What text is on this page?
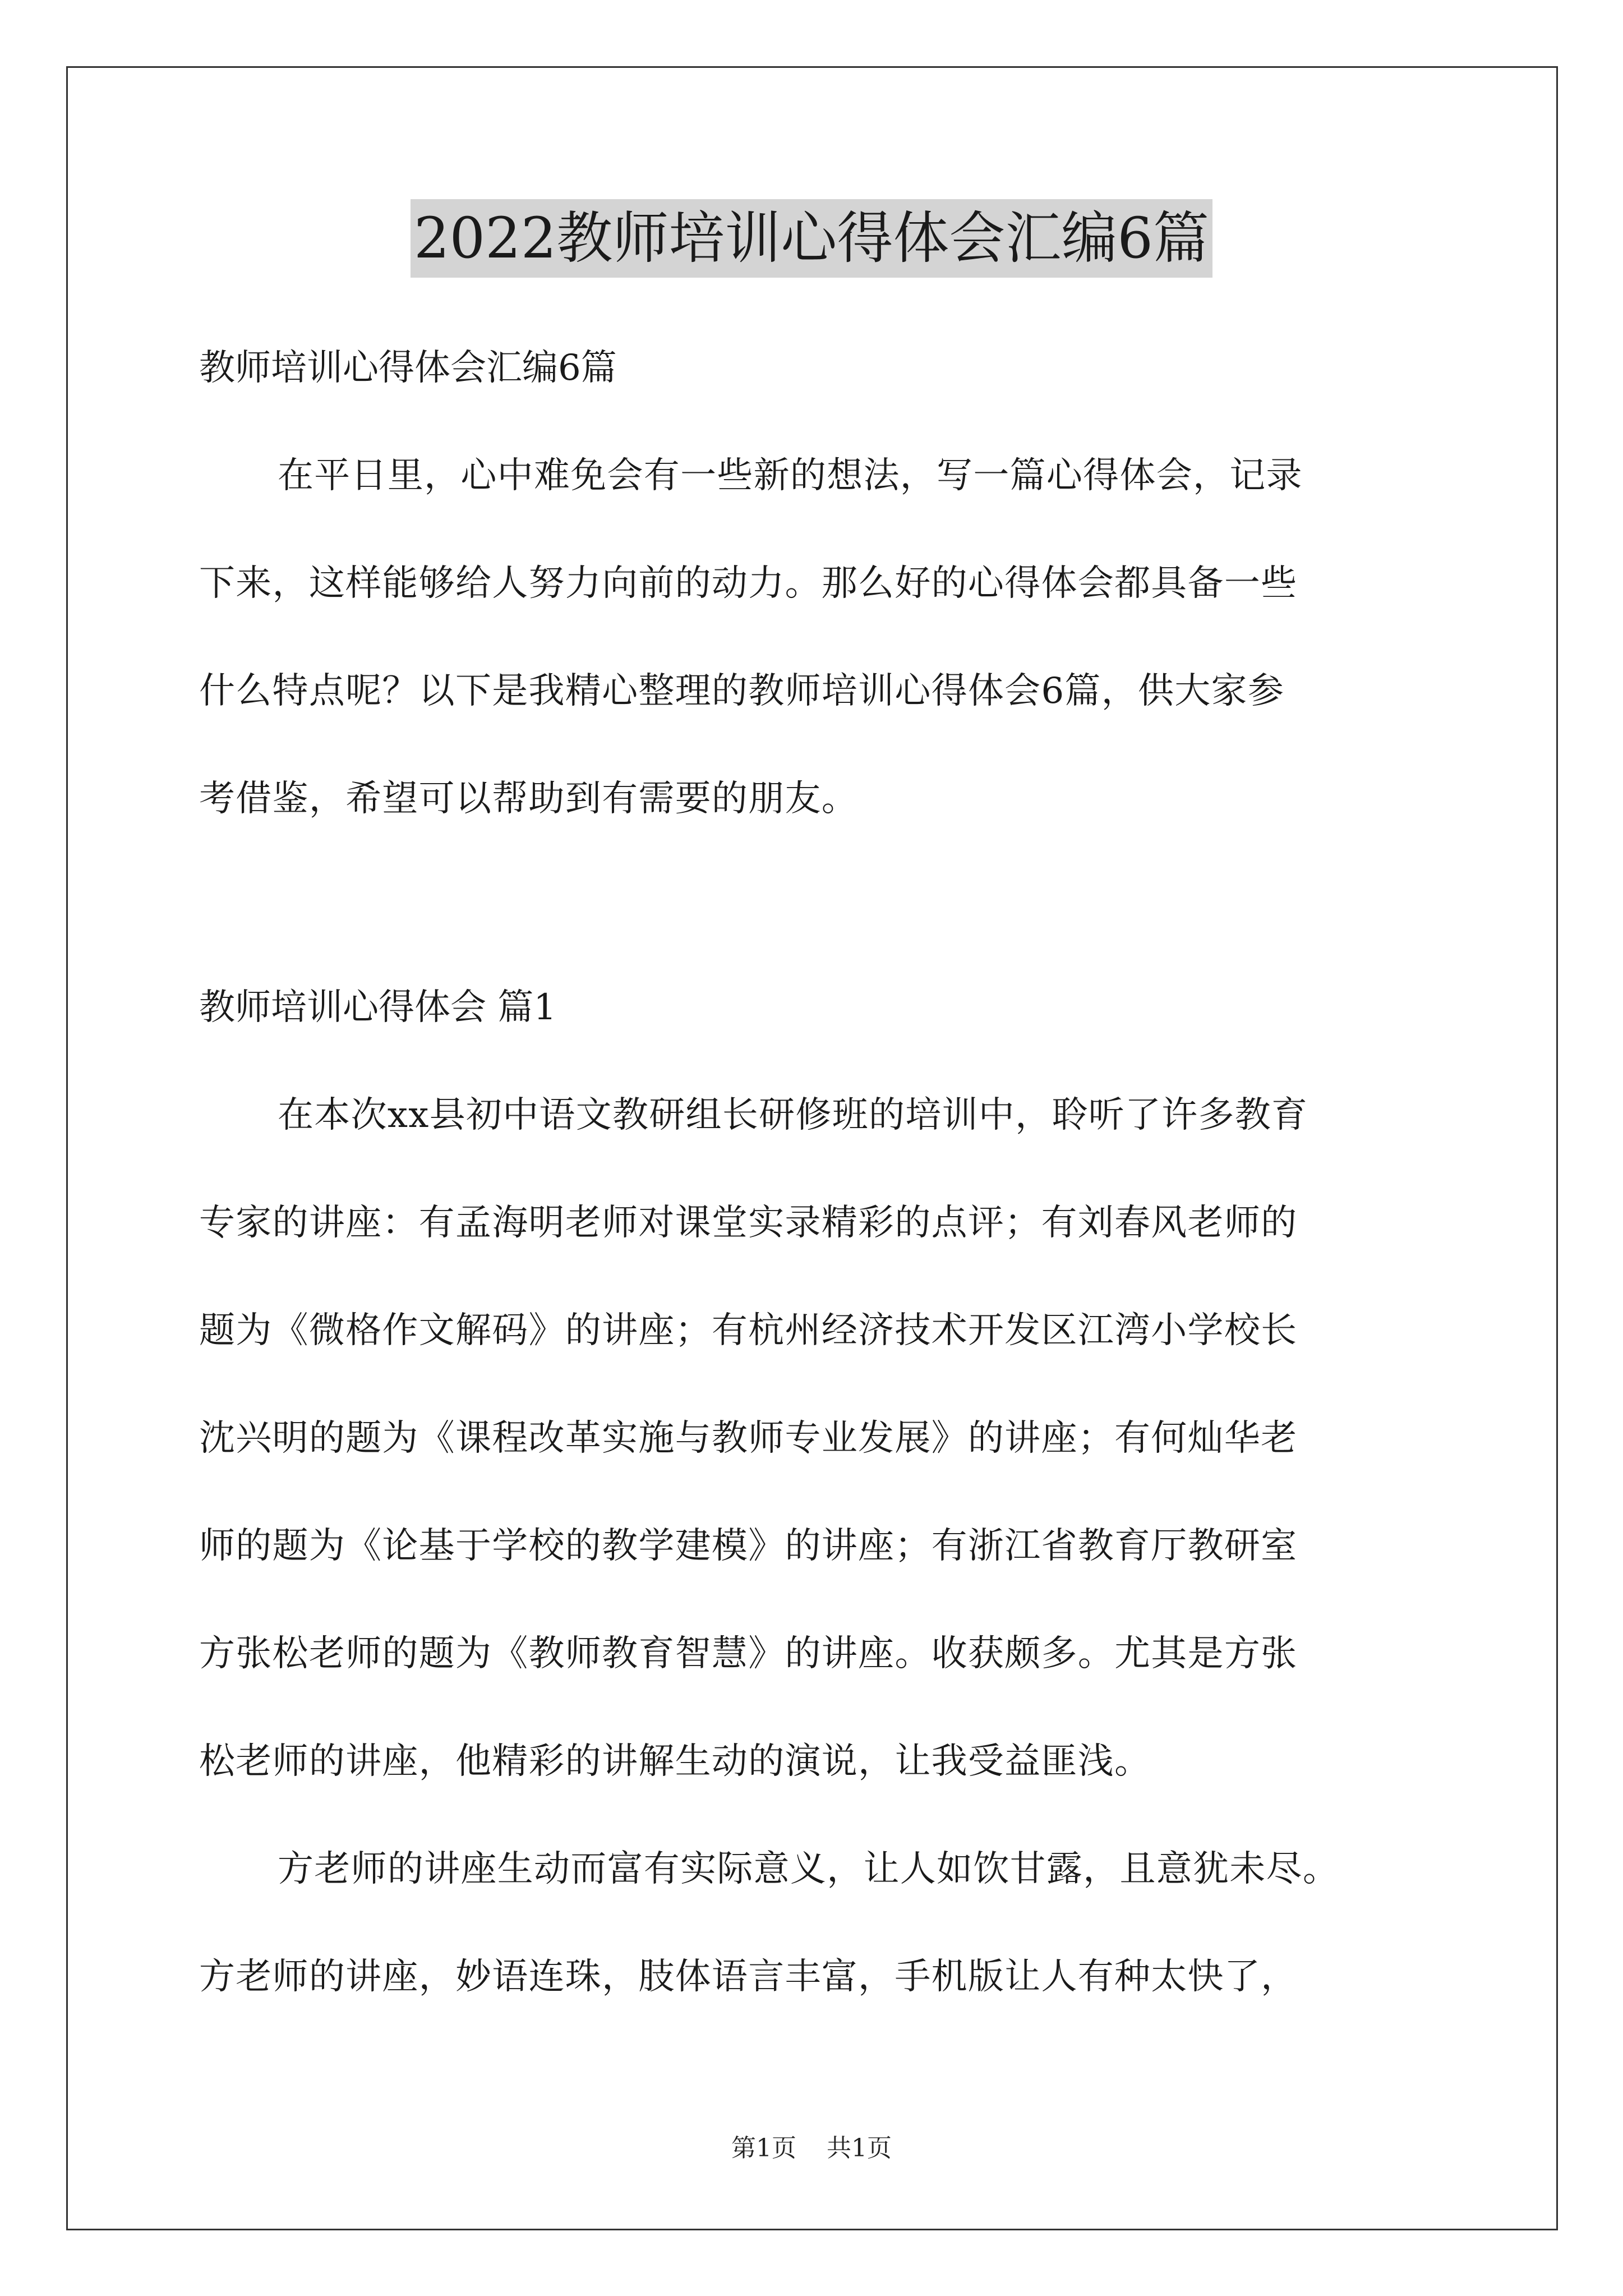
2022教师培训心得体会汇编6篇
教师培训心得体会汇编6篇
在平日里，心中难免会有一些新的想法，写一篇心得体会，记录
下来，这样能够给人努力向前的动力。那么好的心得体会都具备一些
什么特点呢？以下是我精心整理的教师培训心得体会6篇，供大家参
考借鉴，希望可以帮助到有需要的朋友。
教师培训心得体会 篇1
在本次xx县初中语文教研组长研修班的培训中，聆听了许多教育
专家的讲座：有孟海明老师对课堂实录精彩的点评；有刘春风老师的
题为《微格作文解码》的讲座；有杭州经济技术开发区江湾小学校长
沈兴明的题为《课程改革实施与教师专业发展》的讲座；有何灿华老
师的题为《论基于学校的教学建模》的讲座；有浙江省教育厅教研室
方张松老师的题为《教师教育智慧》的讲座。收获颇多。尤其是方张
松老师的讲座，他精彩的讲解生动的演说，让我受益匪浅。
方老师的讲座生动而富有实际意义，让人如饮甘露，且意犹未尽。
方老师的讲座，妙语连珠，肢体语言丰富，手机版让人有种太快了，
第1页 共1页
